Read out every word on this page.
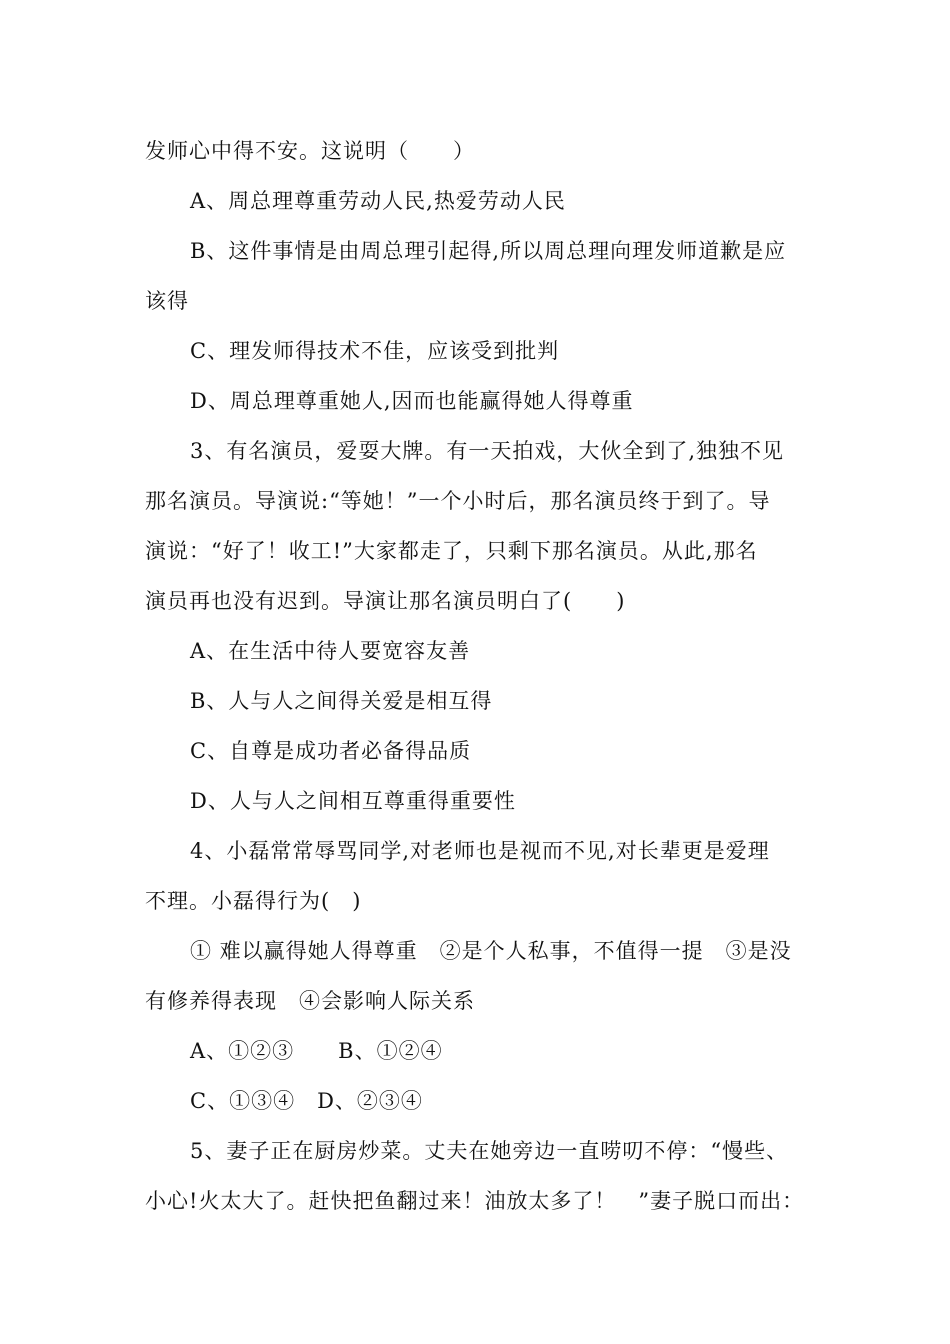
发师心中得不安。这说明（　　）
A、周总理尊重劳动人民,热爱劳动人民
B、这件事情是由周总理引起得,所以周总理向理发师道歉是应
该得
C、理发师得技术不佳，应该受到批判
D、周总理尊重她人,因而也能赢得她人得尊重
3、有名演员，爱耍大牌。有一天拍戏，大伙全到了,独独不见
那名演员。导演说:“等她！”一个小时后，那名演员终于到了。导
演说：“好了！收工!”大家都走了，只剩下那名演员。从此,那名
演员再也没有迟到。导演让那名演员明白了(　　)
A、在生活中待人要宽容友善
B、人与人之间得关爱是相互得
C、自尊是成功者必备得品质
D、人与人之间相互尊重得重要性
4、小磊常常辱骂同学,对老师也是视而不见,对长辈更是爱理
不理。小磊得行为(　)
① 难以赢得她人得尊重　②是个人私事，不值得一提　③是没
有修养得表现　④会影响人际关系
A、①②③　　B、①②④
C、①③④　D、②③④
5、妻子正在厨房炒菜。丈夫在她旁边一直唠叨不停：“慢些、
小心!火太大了。赶快把鱼翻过来！油放太多了！　”妻子脱口而出：
